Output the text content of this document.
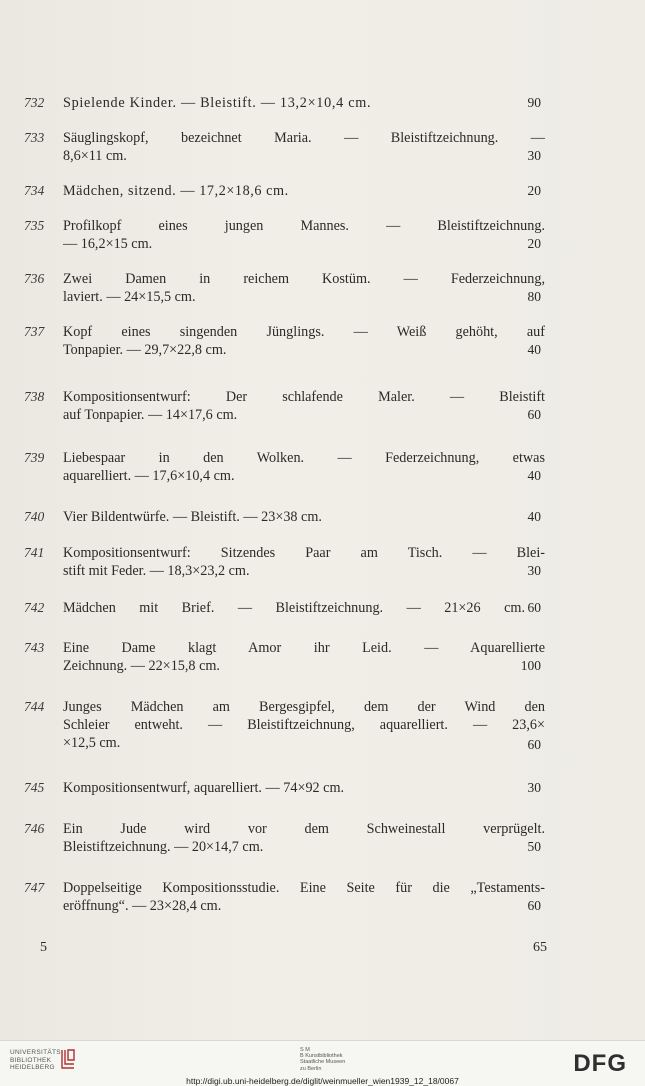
732 Spielende Kinder. — Bleistift. — 13,2×10,4 cm.	90
733 Säuglingskopf, bezeichnet Maria. — Bleistiftzeichnung. —
8,6×11 cm.	30
734 Mädchen, sitzend. — 17,2×18,6 cm.	20
735 Profilkopf eines jungen Mannes. — Bleistiftzeichnung.
— 16,2×15 cm.	20
736 Zwei Damen in reichem Kostüm. — Federzeichnung,
laviert. — 24×15,5 cm.	80
737 Kopf eines singenden Jünglings. — Weiß gehöht, auf
Tonpapier. — 29,7×22,8 cm.	40
738 Kompositionsentwurf: Der schlafende Maler. — Bleistift
auf Tonpapier. — 14×17,6 cm.	60
739 Liebespaar in den Wolken. — Federzeichnung, etwas
aquarelliert. — 17,6×10,4 cm.	40
740 Vier Bildentwürfe. — Bleistift. — 23×38 cm.	40
741 Kompositionsentwurf: Sitzendes Paar am Tisch. — Blei-
stift mit Feder. — 18,3×23,2 cm.	30
742 Mädchen mit Brief. — Bleistiftzeichnung. — 21×26 cm. 60
743 Eine Dame klagt Amor ihr Leid. — Aquarellierte
Zeichnung. — 22×15,8 cm.	100
744 Junges Mädchen am Bergesgipfel, dem der Wind den
Schleier entweht. — Bleistiftzeichnung, aquarelliert. — 23,6×
×12,5 cm.	60
745 Kompositionsentwurf, aquarelliert. — 74×92 cm.	30
746 Ein Jude wird vor dem Schweinestall verprügelt.
Bleistiftzeichnung. — 20×14,7 cm.	50
747 Doppelseitige Kompositionsstudie. Eine Seite für die „Testaments-
eröffnung“. — 23×28,4 cm.	60
5	65
UNIVERSITÄTS
BIBLIOTHEK
HEIDELBERG
S M
B Kunstbibliothek
Staatliche Museen
zu Berlin	DFG
http://digi.ub.uni-heidelberg.de/diglit/weinmueller_wien1939_12_18/0067
